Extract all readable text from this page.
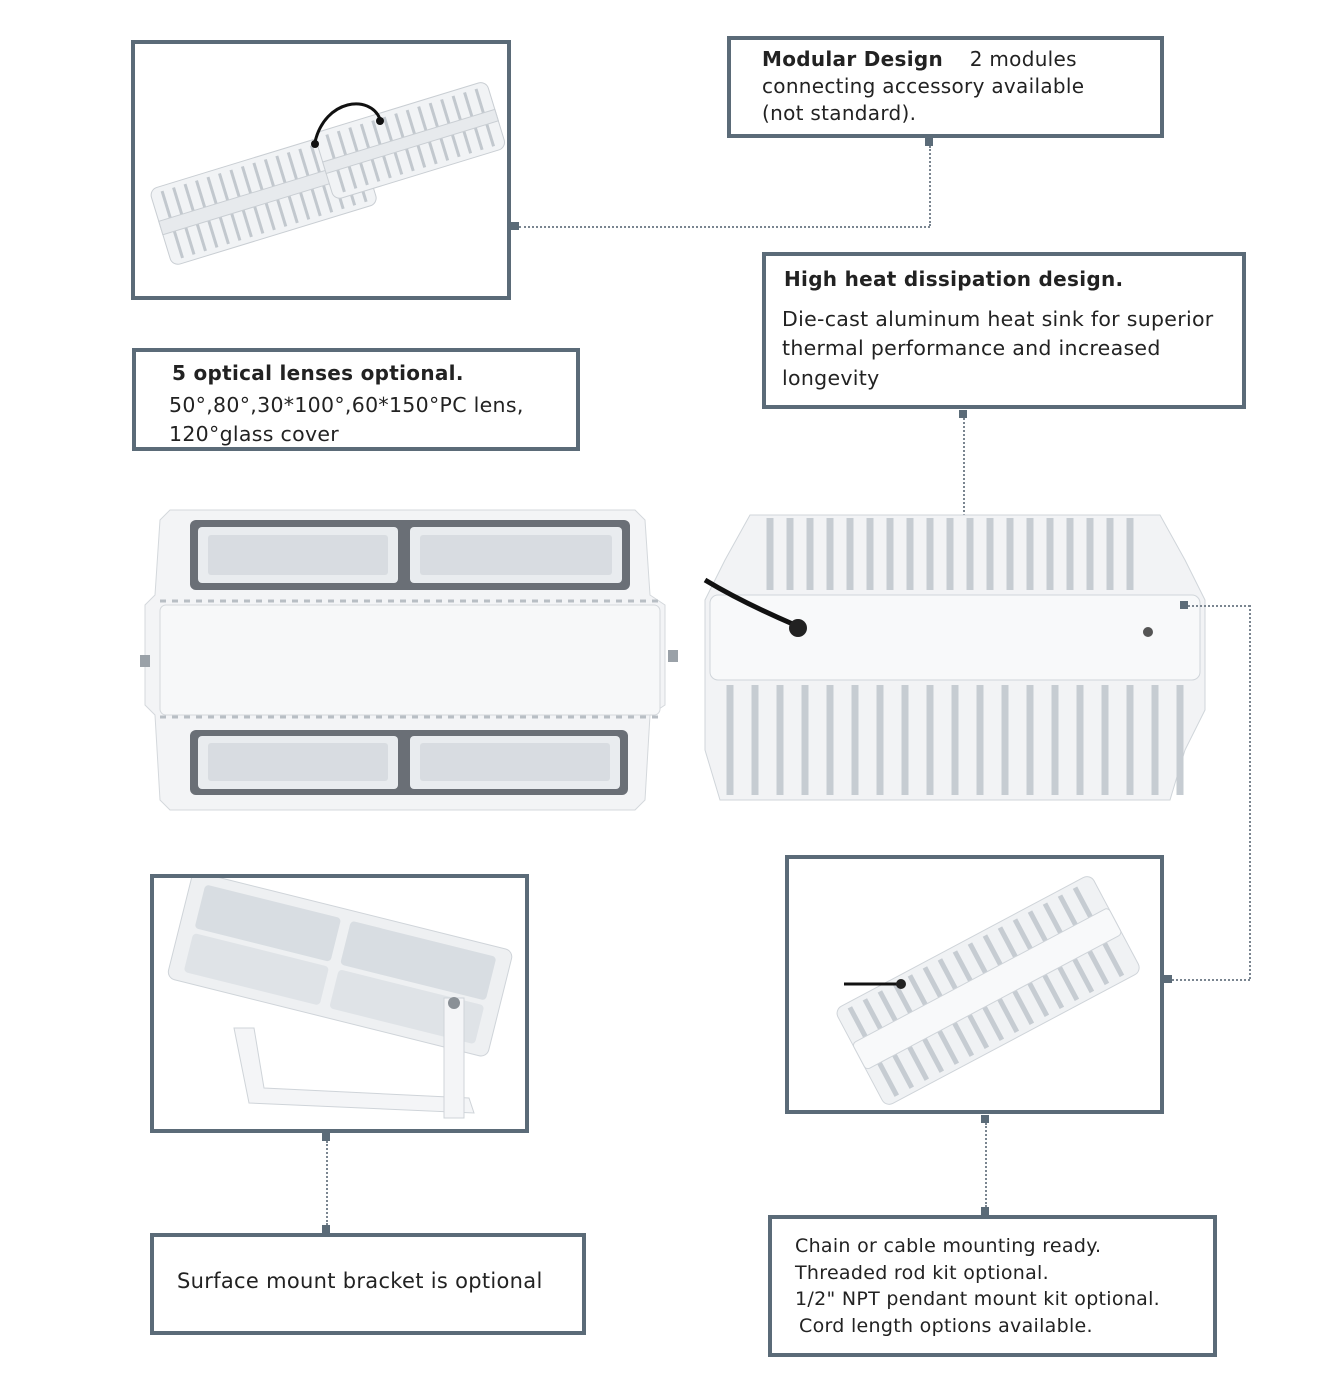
Modular Design 2 modules
connecting accessory available
(not standard).
High heat dissipation design.
Die-cast aluminum heat sink for superior
thermal performance and increased
longevity
5 optical lenses optional.
50°,80°,30*100°,60*150°PC lens,
120°glass cover
Surface mount bracket is optional
Chain or cable mounting ready.
Threaded rod kit optional.
1/2" NPT pendant mount kit optional.
Cord length options available.
